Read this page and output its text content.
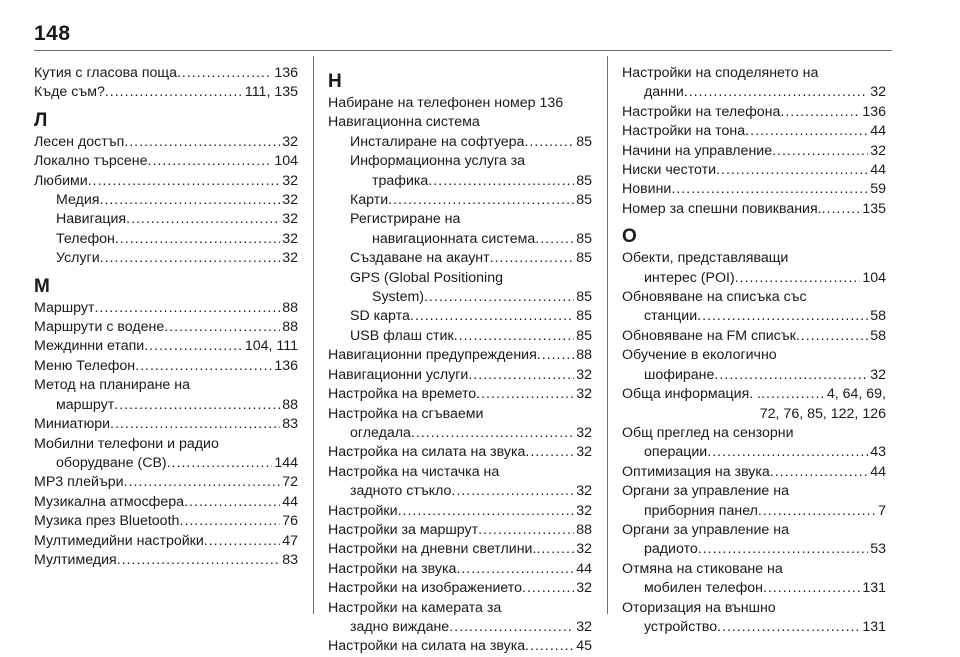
148
Кутия с гласова поща .....	136
Къде съм? .....	111, 135
Л
Лесен достъп .....	32
Локално търсене .....	104
Любими .....	32
Медия .....	32
Навигация .....	32
Телефон .....	32
Услуги .....	32
М
Маршрут .....	88
Маршрути с водене .....	88
Междинни етапи .....	104, 111
Меню Телефон .....	136
Метод на планиране на
маршрут .....	88
Миниатюри .....	83
Мобилни телефони и радио
оборудване (CB) .....	144
MP3 плейъри .....	72
Музикална атмосфера .....	44
Музика през Bluetooth .....	76
Мултимедийни настройки .....	47
Мултимедия .....	83
Н
Набиране на телефонен номер 136
Навигационна система
Инсталиране на софтуера .....	85
Информационна услуга за
трафика .....	85
Карти .....	85
Регистриране на
навигационната система .....	85
Създаване на акаунт .....	85
GPS (Global Positioning
System) .....	85
SD карта .....	85
USB флаш стик .....	85
Навигационни предупреждения .....	88
Навигационни услуги .....	32
Настройка на времето .....	32
Настройка на сгъваеми
огледала .....	32
Настройка на силата на звука .....	32
Настройка на чистачка на
задното стъкло .....	32
Настройки .....	32
Настройки за маршрут .....	88
Настройки на дневни светлини. .....	32
Настройки на звука .....	44
Настройки на изображението .....	32
Настройки на камерата за
задно виждане .....	32
Настройки на силата на звука .....	45
Настройки на споделянето на
данни .....	32
Настройки на телефона .....	136
Настройки на тона .....	44
Начини на управление .....	32
Ниски честоти .....	44
Новини .....	59
Номер за спешни повиквания. .....	135
О
Обекти, представляващи
интерес (POI) .....	104
Обновяване на списъка със
станции .....	58
Обновяване на FM списък .....	58
Обучение в екологично
шофиране .....	32
Обща информация. . .....	4, 64, 69,
72, 76, 85, 122, 126
Общ преглед на сензорни
операции .....	43
Оптимизация на звука .....	44
Органи за управление на
приборния панел .....	7
Органи за управление на
радиото .....	53
Отмяна на стиковане на
мобилен телефон .....	131
Оторизация на външно
устройство .....	131
